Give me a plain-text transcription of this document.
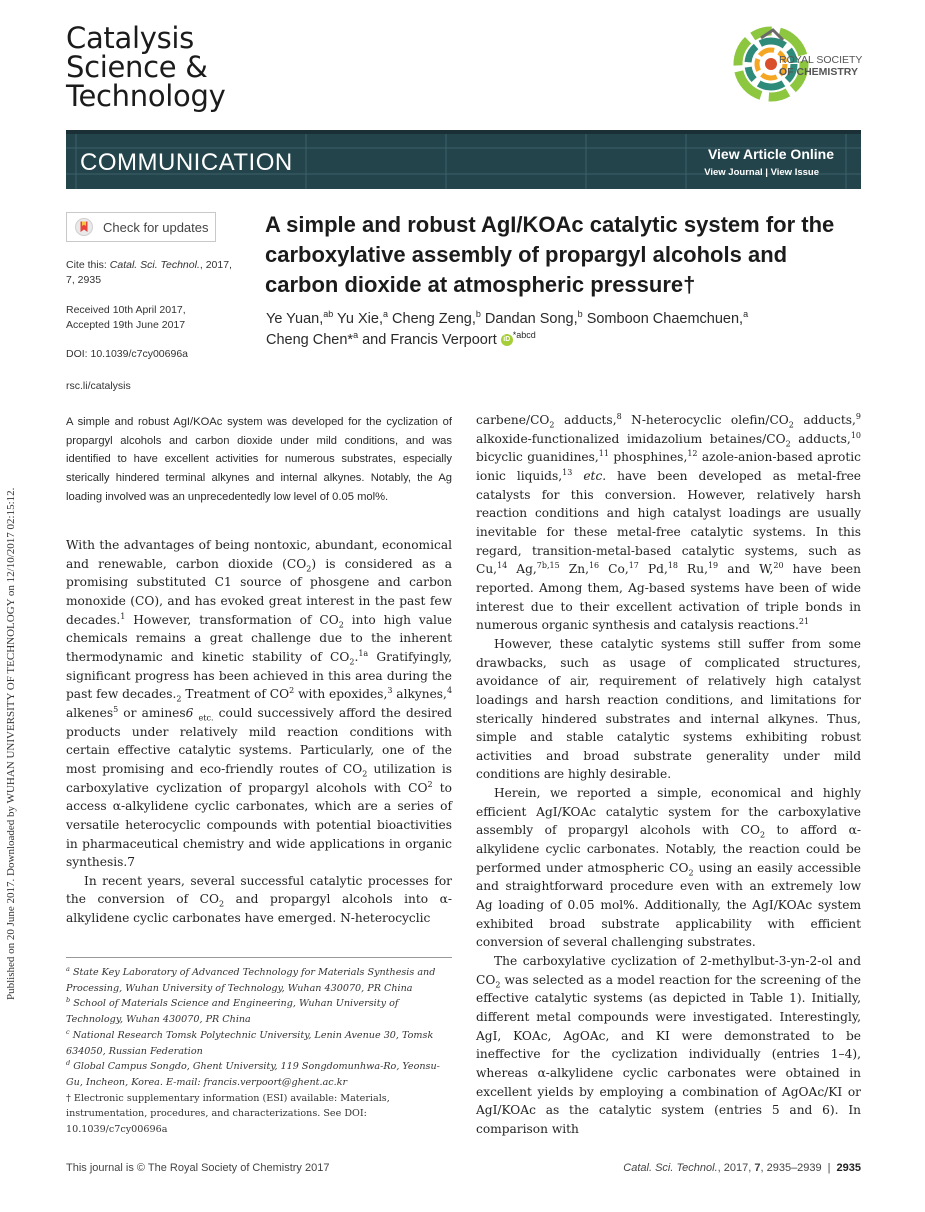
Published on 20 June 2017. Downloaded by WUHAN UNIVERSITY OF TECHNOLOGY on 12/10/2017 02:15:12.
Catalysis
Science &
Technology
ROYAL SOCIETY
OF CHEMISTRY
COMMUNICATION	View Article Online
View Journal | View Issue
Check for updates
Cite this: Catal. Sci. Technol., 2017,
7, 2935
Received 10th April 2017,
Accepted 19th June 2017
DOI: 10.1039/c7cy00696a
rsc.li/catalysis
A simple and robust AgI/KOAc catalytic system for the carboxylative assembly of propargyl alcohols and carbon dioxide at atmospheric pressure†
Ye Yuan,$^{ab}$ Yu Xie,$^a$ Cheng Zeng,$^b$ Dandan Song,$^b$ Somboon Chaemchuen,$^a$
Cheng Chen*$^a$ and Francis Verpoort iD $^{*abcd}$
A simple and robust AgI/KOAc system was developed for the cyclization of propargyl alcohols and carbon dioxide under mild conditions, and was identified to have excellent activities for numerous substrates, especially sterically hindered terminal alkynes and internal alkynes. Notably, the Ag loading involved was an unprecedentedly low level of 0.05 mol%.

With the advantages of being nontoxic, abundant, economical and renewable, carbon dioxide $(CO_2)$ is considered as a promising substituted C1 source of phosgene and carbon monoxide (CO), and has evoked great interest in the past few decades.$^1$ However, transformation of $CO_2$ into high value chemicals remains a great challenge due to the inherent thermodynamic and kinetic stability of $CO_2.^{1a}$ Gratifyingly, significant progress has been achieved in this area during the past few $decades._2$ Treatment of $CO^2$ with epoxides,$^3$ alkynes,$^4$ alkenes$^5$ or amines6 $_{etc.}$ could successively afford the desired products under relatively mild reaction conditions with certain effective catalytic systems. Particularly, one of the most promising and eco-friendly routes of $CO_2$ utilization is carboxylative cyclization of propargyl alcohols with $CO^2$ to access α-alkylidene cyclic carbonates, which are a series of versatile heterocyclic compounds with potential bioactivities in pharmaceutical chemistry and wide applications in organic synthesis.7

In recent years, several successful catalytic processes for the conversion of $CO_2$ and propargyl alcohols into α-alkylidene cyclic carbonates have emerged. N-heterocyclic

carbene/$CO_2$ adducts,$^8$ N-heterocyclic olefin/$CO_2$ adducts,$^9$ alkoxide-functionalized imidazolium betaines/$CO_2$ adducts,$^{10}$ bicyclic guanidines,$^{11}$ phosphines,$^{12}$ azole-anion-based aprotic ionic liquids,$^{13}$ etc. have been developed as metal-free catalysts for this conversion. However, relatively harsh reaction conditions and high catalyst loadings are usually inevitable for these metal-free catalytic systems. In this regard, transition-metal-based catalytic systems, such as Cu,$^{14}$ Ag,$^{7b,15}$ Zn,$^{16}$ Co,$^{17}$ Pd,$^{18}$ Ru,$^{19}$ and W,$^{20}$ have been reported. Among them, Ag-based systems have been of wide interest due to their excellent activation of triple bonds in numerous organic synthesis and catalysis reactions.$^{21}$

However, these catalytic systems still suffer from some drawbacks, such as usage of complicated structures, avoidance of air, requirement of relatively high catalyst loadings and harsh reaction conditions, and limitations for sterically hindered substrates and internal alkynes. Thus, simple and stable catalytic systems exhibiting robust activities and broad substrate generality under mild conditions are highly desirable.

Herein, we reported a simple, economical and highly efficient AgI/KOAc catalytic system for the carboxylative assembly of propargyl alcohols with $CO_2$ to afford α-alkylidene cyclic carbonates. Notably, the reaction could be performed under atmospheric $CO_2$ using an easily accessible and straightforward procedure even with an extremely low Ag loading of 0.05 mol%. Additionally, the AgI/KOAc system exhibited broad substrate applicability with efficient conversion of several challenging substrates.

The carboxylative cyclization of 2-methylbut-3-yn-2-ol and $CO_2$ was selected as a model reaction for the screening of the effective catalytic systems (as depicted in Table 1). Initially, different metal compounds were investigated. Interestingly, AgI, KOAc, AgOAc, and KI were demonstrated to be ineffective for the cyclization individually (entries 1–4), whereas α-alkylidene cyclic carbonates were obtained in excellent yields by employing a combination of AgOAc/KI or AgI/KOAc as the catalytic system (entries 5 and 6). In comparison with

$^a$ State Key Laboratory of Advanced Technology for Materials Synthesis and Processing, Wuhan University of Technology, Wuhan 430070, PR China
$^b$ School of Materials Science and Engineering, Wuhan University of Technology, Wuhan 430070, PR China
$^c$ National Research Tomsk Polytechnic University, Lenin Avenue 30, Tomsk 634050, Russian Federation
$^d$ Global Campus Songdo, Ghent University, 119 Songdomunhwa-Ro, Yeonsu-Gu, Incheon, Korea. E-mail: francis.verpoort@ghent.ac.kr
† Electronic supplementary information (ESI) available: Materials, instrumentation, procedures, and characterizations. See DOI: 10.1039/c7cy00696a
This journal is © The Royal Society of Chemistry 2017	Catal. Sci. Technol., 2017, 7, 2935–2939 | 2935
